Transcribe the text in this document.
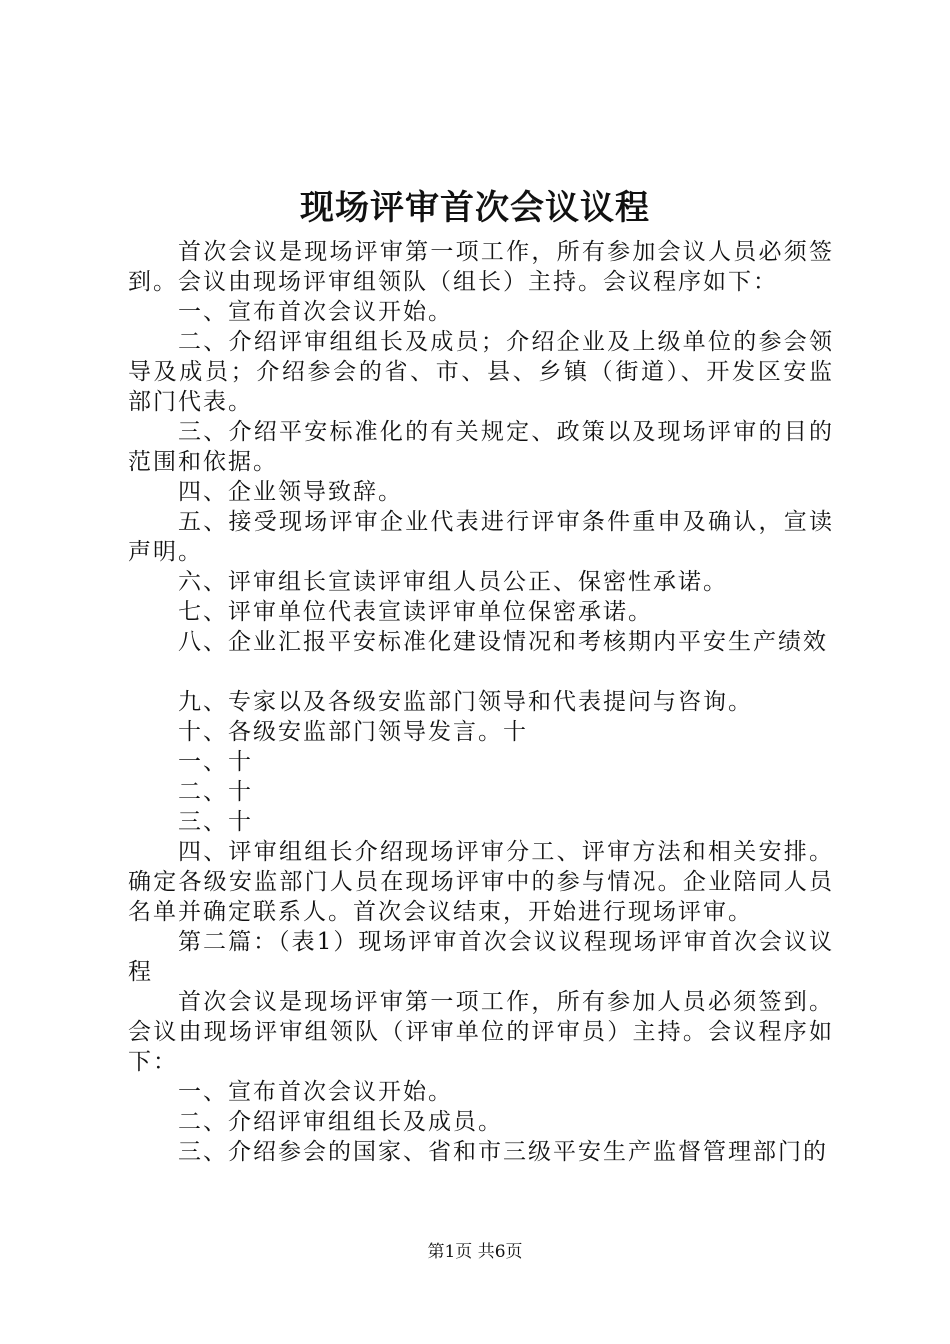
现场评审首次会议议程

首次会议是现场评审第一项工作，所有参加会议人员必须签到。会议由现场评审组领队（组长）主持。会议程序如下：

一、宣布首次会议开始。

二、介绍评审组组长及成员；介绍企业及上级单位的参会领导及成员；介绍参会的省、市、县、乡镇（街道）、开发区安监部门代表。

三、介绍平安标准化的有关规定、政策以及现场评审的目的范围和依据。

四、企业领导致辞。

五、接受现场评审企业代表进行评审条件重申及确认，宣读声明。

六、评审组长宣读评审组人员公正、保密性承诺。

七、评审单位代表宣读评审单位保密承诺。

八、企业汇报平安标准化建设情况和考核期内平安生产绩效

九、专家以及各级安监部门领导和代表提问与咨询。

十、各级安监部门领导发言。十

一、十

二、十

三、十

四、评审组组长介绍现场评审分工、评审方法和相关安排。确定各级安监部门人员在现场评审中的参与情况。企业陪同人员名单并确定联系人。首次会议结束，开始进行现场评审。

第二篇：（表1）现场评审首次会议议程现场评审首次会议议程

首次会议是现场评审第一项工作，所有参加人员必须签到。会议由现场评审组领队（评审单位的评审员）主持。会议程序如下：

一、宣布首次会议开始。

二、介绍评审组组长及成员。

三、介绍参会的国家、省和市三级平安生产监督管理部门的

第1页 共6页
